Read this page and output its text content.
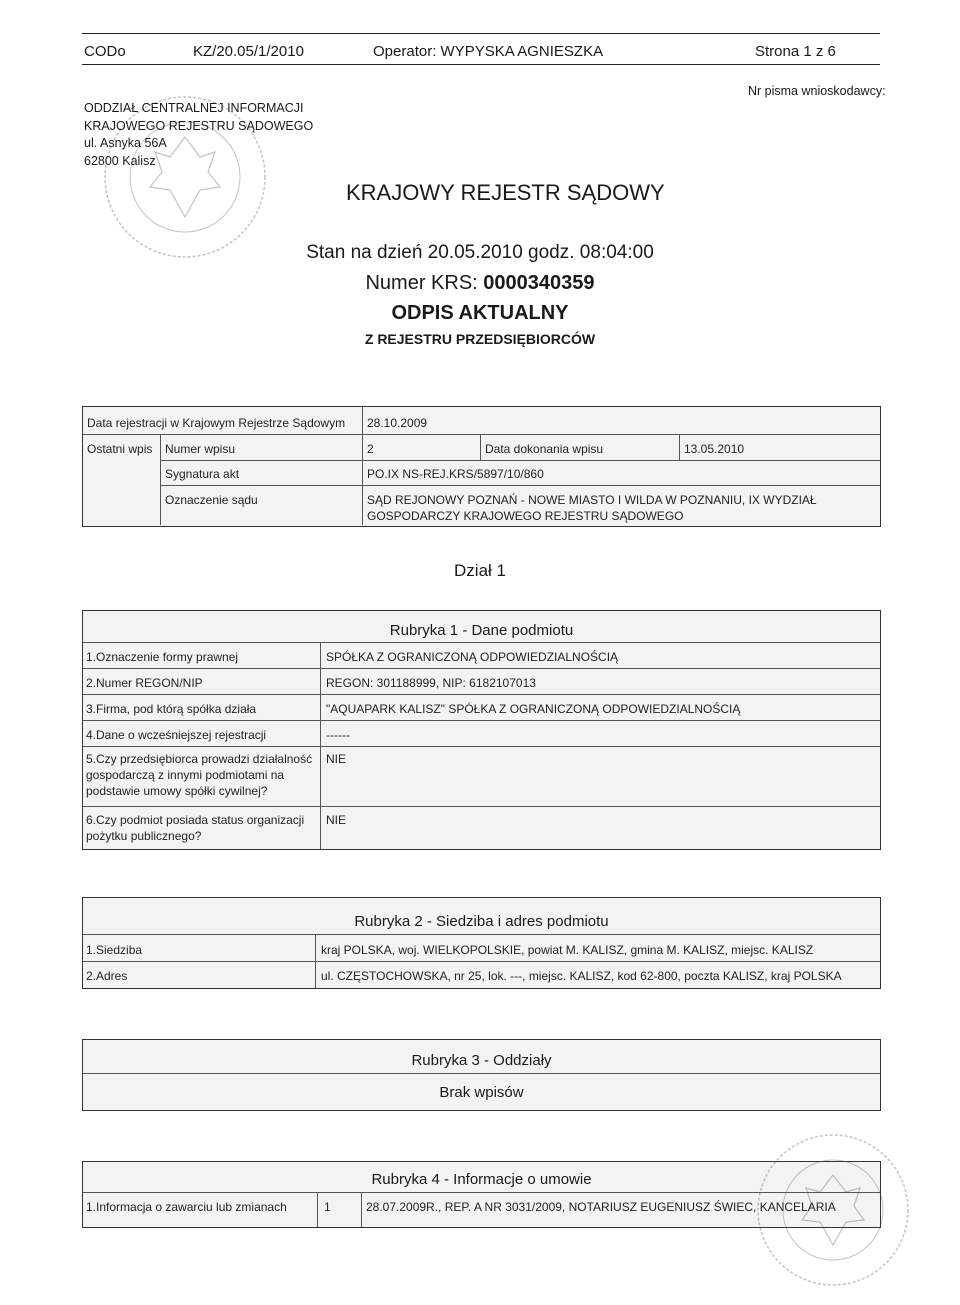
CODo	KZ/20.05/1/2010	Operator: WYPYSKA AGNIESZKA	Strona 1 z 6
Nr pisma wnioskodawcy:
ODDZIAŁ CENTRALNEJ INFORMACJI
KRAJOWEGO REJESTRU SĄDOWEGO
ul. Asnyka 56A
62800 Kalisz
KRAJOWY REJESTR SĄDOWY
Stan na dzień 20.05.2010 godz. 08:04:00
Numer KRS: 0000340359
ODPIS AKTUALNY
Z REJESTRU PRZEDSIĘBIORCÓW
Data rejestracji w Krajowym Rejestrze Sądowym 28.10.2009
Ostatni wpis Numer wpisu	2	Data dokonania wpisu	13.05.2010
Sygnatura akt	PO.IX NS-REJ.KRS/5897/10/860
Oznaczenie sądu	SĄD REJONOWY POZNAŃ - NOWE MIASTO I WILDA W POZNANIU, IX WYDZIAŁ GOSPODARCZY KRAJOWEGO REJESTRU SĄDOWEGO
Dział 1
Rubryka 1 - Dane podmiotu
1.Oznaczenie formy prawnej	SPÓŁKA Z OGRANICZONĄ ODPOWIEDZIALNOŚCIĄ
2.Numer REGON/NIP	REGON: 301188999, NIP: 6182107013
3.Firma, pod którą spółka działa	"AQUAPARK KALISZ" SPÓŁKA Z OGRANICZONĄ ODPOWIEDZIALNOŚCIĄ
4.Dane o wcześniejszej rejestracji	------
5.Czy przedsiębiorca prowadzi działalność gospodarczą z innymi podmiotami na podstawie umowy spółki cywilnej?
NIE
6.Czy podmiot posiada status organizacji pożytku publicznego?
NIE
Rubryka 2 - Siedziba i adres podmiotu
1.Siedziba	kraj POLSKA, woj. WIELKOPOLSKIE, powiat M. KALISZ, gmina M. KALISZ, miejsc. KALISZ
2.Adres	ul. CZĘSTOCHOWSKA, nr 25, lok. ---, miejsc. KALISZ, kod 62-800, poczta KALISZ, kraj POLSKA
Rubryka 3 - Oddziały
Brak wpisów
Rubryka 4 - Informacje o umowie
1.Informacja o zawarciu lub zmianach	1	28.07.2009R., REP. A NR 3031/2009, NOTARIUSZ EUGENIUSZ ŚWIEC, KANCELARIA
